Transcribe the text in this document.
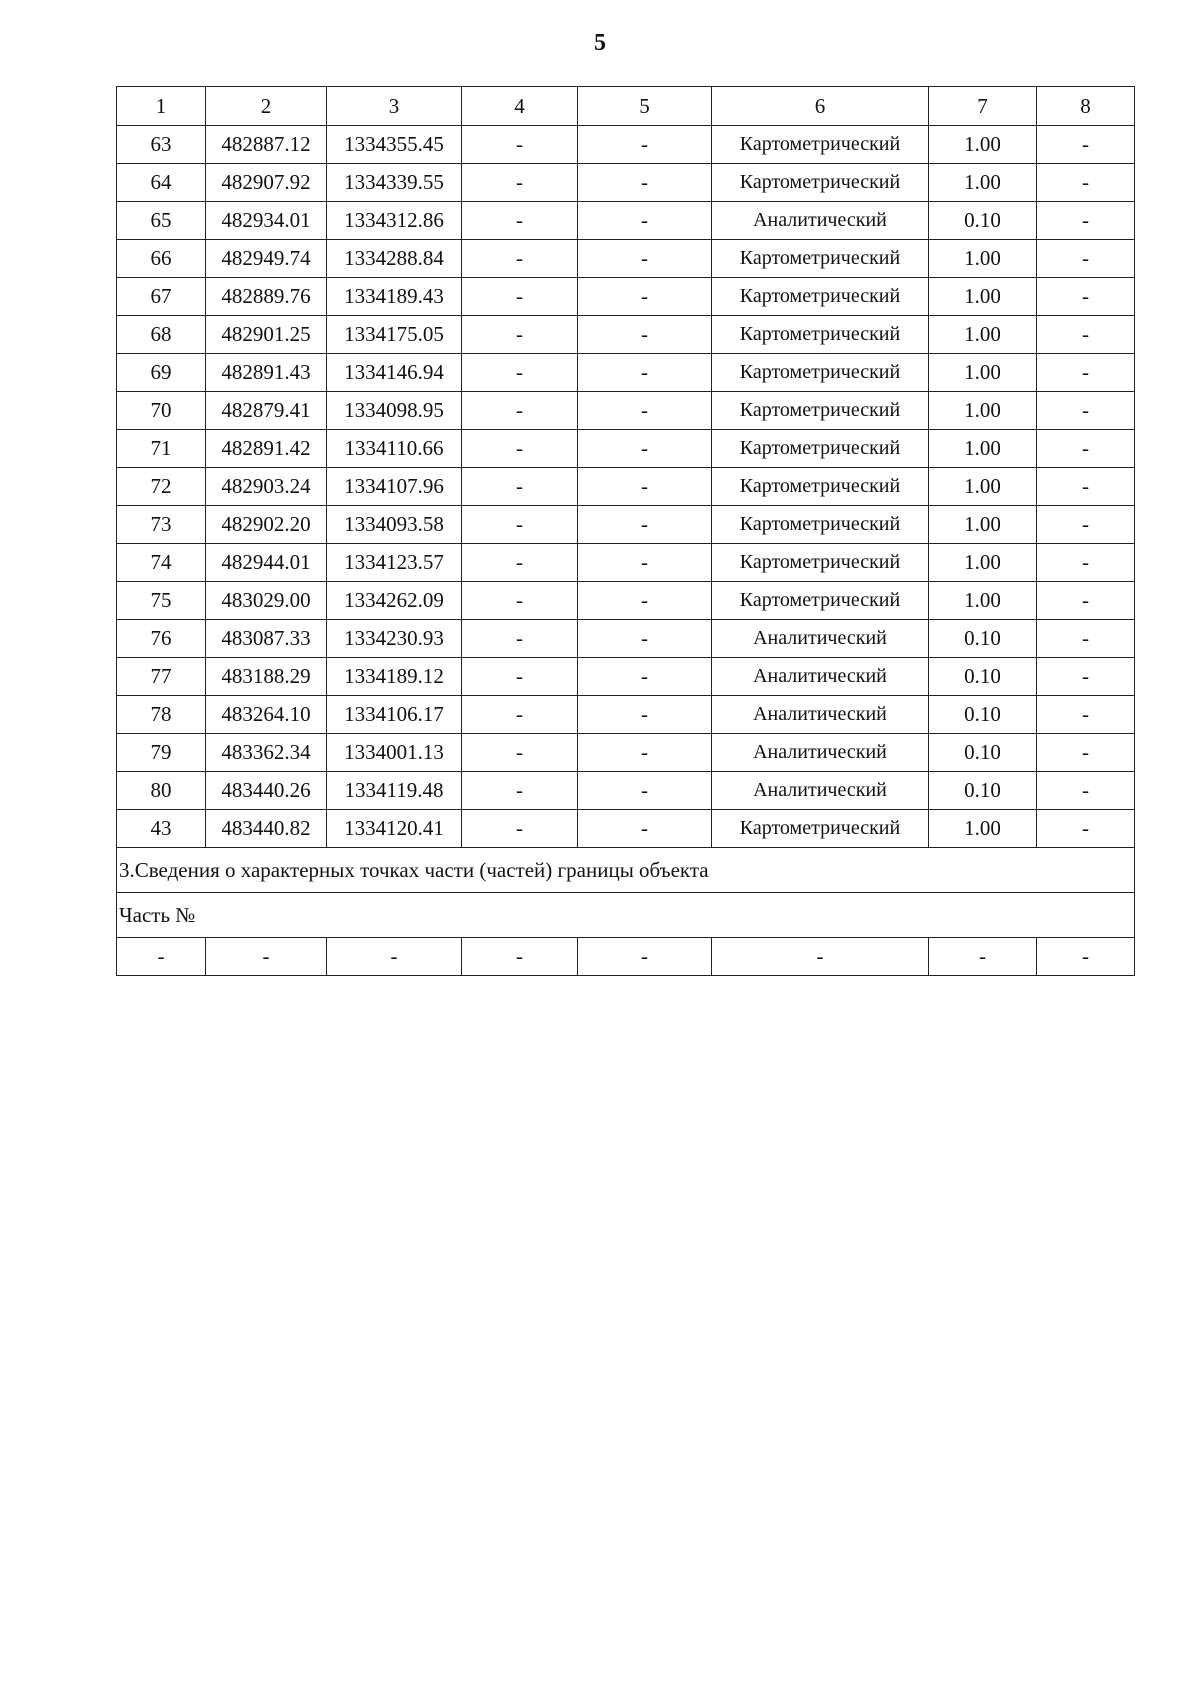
5
1	2	3	4	5	6	7	8
63	482887.12	1334355.45	-	-	Картометрический	1.00	-
64	482907.92	1334339.55	-	-	Картометрический	1.00	-
65	482934.01	1334312.86	-	-	Аналитический	0.10	-
66	482949.74	1334288.84	-	-	Картометрический	1.00	-
67	482889.76	1334189.43	-	-	Картометрический	1.00	-
68	482901.25	1334175.05	-	-	Картометрический	1.00	-
69	482891.43	1334146.94	-	-	Картометрический	1.00	-
70	482879.41	1334098.95	-	-	Картометрический	1.00	-
71	482891.42	1334110.66	-	-	Картометрический	1.00	-
72	482903.24	1334107.96	-	-	Картометрический	1.00	-
73	482902.20	1334093.58	-	-	Картометрический	1.00	-
74	482944.01	1334123.57	-	-	Картометрический	1.00	-
75	483029.00	1334262.09	-	-	Картометрический	1.00	-
76	483087.33	1334230.93	-	-	Аналитический	0.10	-
77	483188.29	1334189.12	-	-	Аналитический	0.10	-
78	483264.10	1334106.17	-	-	Аналитический	0.10	-
79	483362.34	1334001.13	-	-	Аналитический	0.10	-
80	483440.26	1334119.48	-	-	Аналитический	0.10	-
43	483440.82	1334120.41	-	-	Картометрический	1.00	-
3.Сведения о характерных точках части (частей) границы объекта							
Часть №							
-	-	-	-	-	-	-	-
